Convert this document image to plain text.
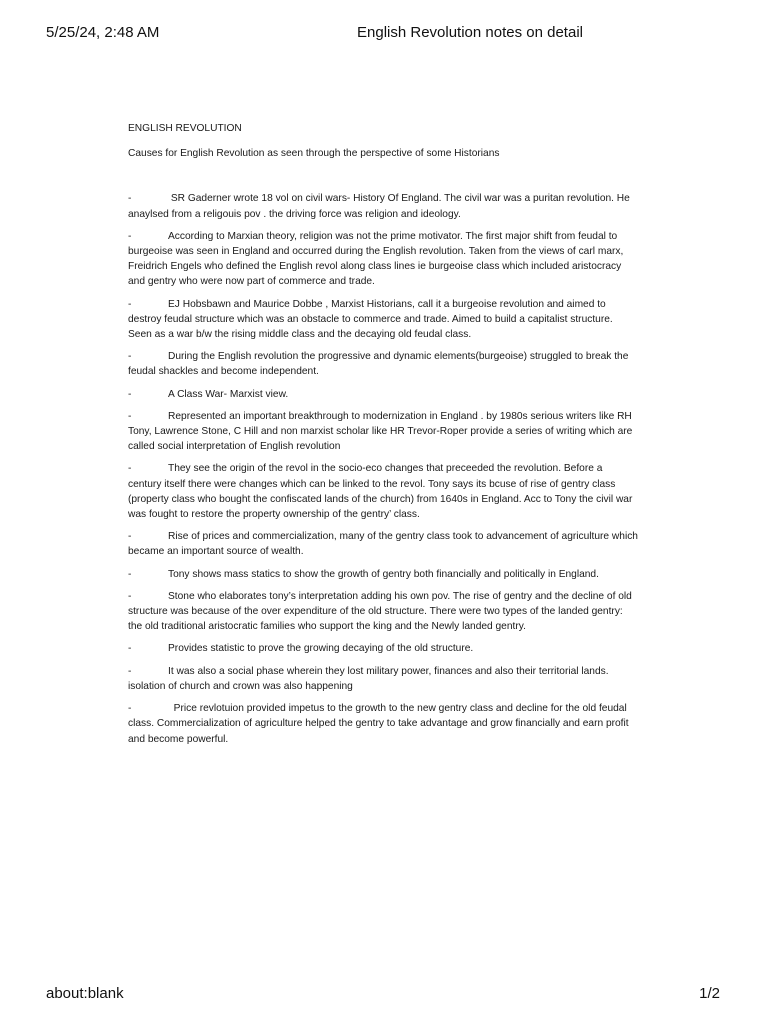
5/25/24, 2:48 AM	English Revolution notes on detail

ENGLISH REVOLUTION

Causes for English Revolution as seen through the perspective of some Historians

-	SR Gaderner wrote 18 vol on civil wars- History Of England. The civil war was a puritan revolution. He anaylsed from a religouis pov . the driving force was religion and ideology.

-	According to Marxian theory, religion was not the prime motivator. The first major shift from feudal to burgeoise was seen in England and occurred during the English revolution. Taken from the views of carl marx, Freidrich Engels who defined the English revol along class lines ie burgeoise class which included aristocracy and gentry who were now part of commerce and trade.

-	EJ Hobsbawn and Maurice Dobbe , Marxist Historians, call it a burgeoise revolution and aimed to destroy feudal structure which was an obstacle to commerce and trade. Aimed to build a capitalist structure. Seen as a war b/w the rising middle class and the decaying old feudal class.

-	During the English revolution the progressive and dynamic elements(burgeoise) struggled to break the feudal shackles and become independent.

-	A Class War- Marxist view.

-	Represented an important breakthrough to modernization in England . by 1980s serious writers like RH Tony, Lawrence Stone, C Hill and non marxist scholar like HR Trevor-Roper provide a series of writing which are called social interpretation of English revolution

-	They see the origin of the revol in the socio-eco changes that preceeded the revolution. Before a century itself there were changes which can be linked to the revol. Tony says its bcuse of rise of gentry class (property class who bought the confiscated lands of the church) from 1640s in England. Acc to Tony the civil war was fought to restore the property ownership of the gentry’ class.

-	Rise of prices and commercialization, many of the gentry class took to advancement of agriculture which became an important source of wealth.

-	Tony shows mass statics to show the growth of gentry both financially and politically in England.

-	Stone who elaborates tony’s interpretation adding his own pov. The rise of gentry and the decline of old structure was because of the over expenditure of the old structure. There were two types of the landed gentry: the old traditional aristocratic families who support the king and the Newly landed gentry.

-	Provides statistic to prove the growing decaying of the old structure.

-	It was also a social phase wherein they lost military power, finances and also their territorial lands. isolation of church and crown was also happening

-	Price revlotuion provided impetus to the growth to the new gentry class and decline for the old feudal class. Commercialization of agriculture helped the gentry to take advantage and grow financially and earn profit and become powerful.

about:blank	1/2
